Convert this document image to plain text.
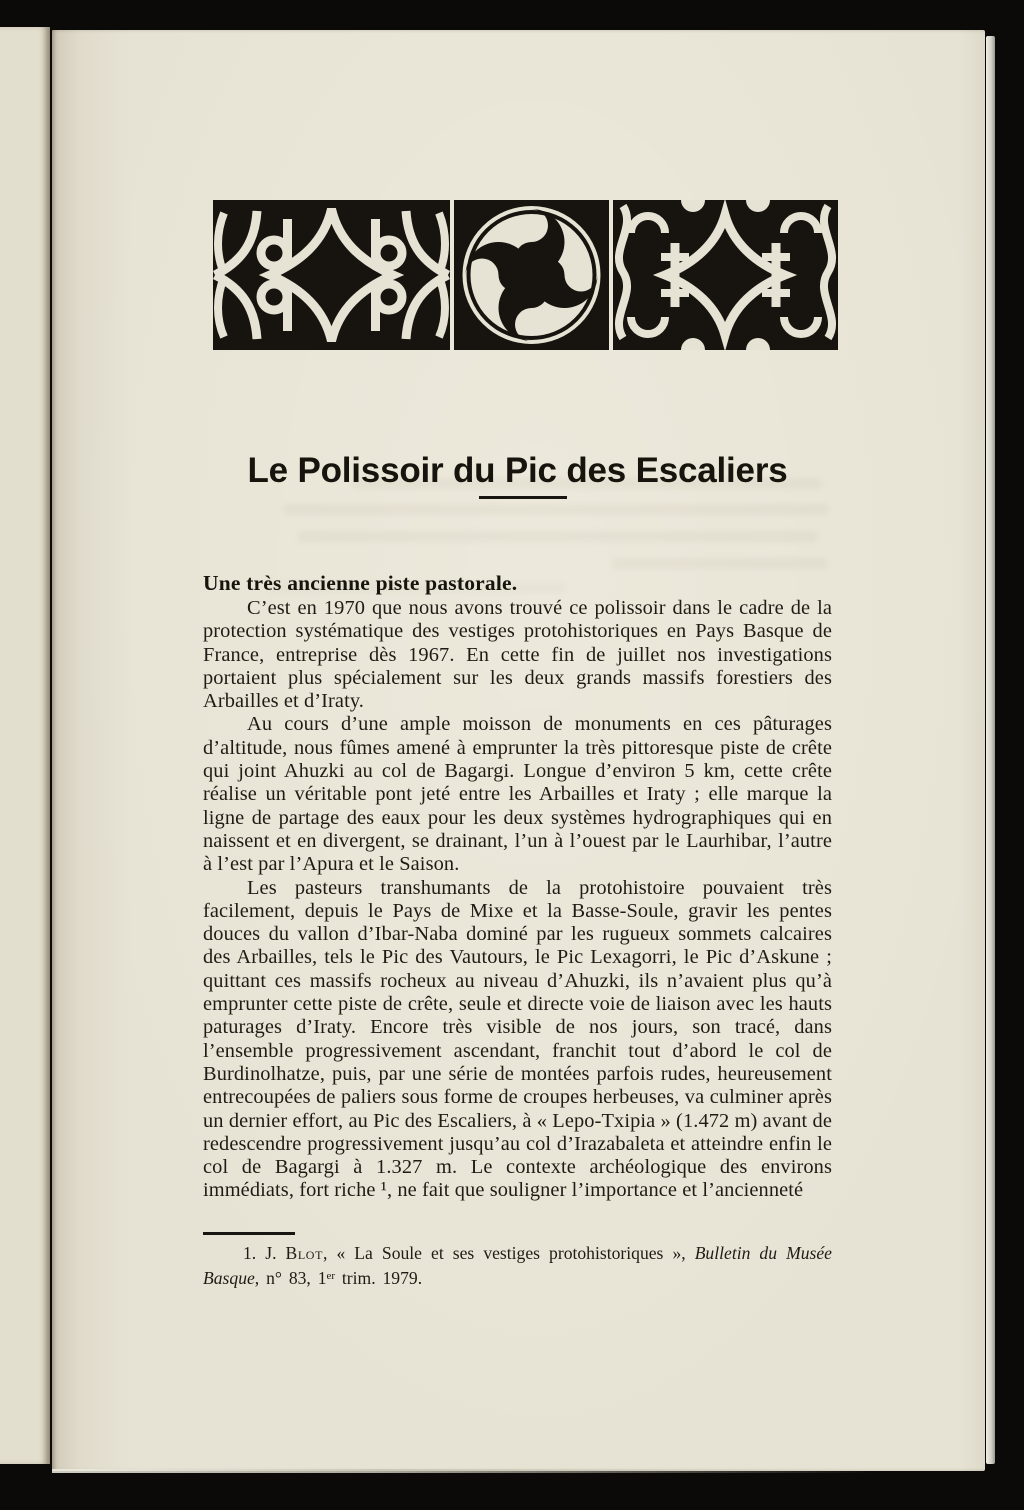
Le Polissoir du Pic des Escaliers
Une très ancienne piste pastorale.

C’est en 1970 que nous avons trouvé ce polissoir dans le cadre de la protection systématique des vestiges protohistoriques en Pays Basque de France, entreprise dès 1967. En cette fin de juillet nos investigations portaient plus spécialement sur les deux grands massifs forestiers des Arbailles et d’Iraty.

Au cours d’une ample moisson de monuments en ces pâturages d’altitude, nous fûmes amené à emprunter la très pittoresque piste de crête qui joint Ahuzki au col de Bagargi. Longue d’environ 5 km, cette crête réalise un véritable pont jeté entre les Arbailles et Iraty ; elle marque la ligne de partage des eaux pour les deux systèmes hydrographiques qui en naissent et en divergent, se drainant, l’un à l’ouest par le Laurhibar, l’autre à l’est par l’Apura et le Saison.

Les pasteurs transhumants de la protohistoire pouvaient très facilement, depuis le Pays de Mixe et la Basse-Soule, gravir les pentes douces du vallon d’Ibar-Naba dominé par les rugueux sommets calcaires des Arbailles, tels le Pic des Vautours, le Pic Lexagorri, le Pic d’Askune ; quittant ces massifs rocheux au niveau d’Ahuzki, ils n’avaient plus qu’à emprunter cette piste de crête, seule et directe voie de liaison avec les hauts paturages d’Iraty. Encore très visible de nos jours, son tracé, dans l’ensemble progressivement ascendant, franchit tout d’abord le col de Burdinolhatze, puis, par une série de montées parfois rudes, heureusement entrecoupées de paliers sous forme de croupes herbeuses, va culminer après un dernier effort, au Pic des Escaliers, à « Lepo-Txipia » (1.472 m) avant de redescendre progressivement jusqu’au col d’Irazabaleta et atteindre enfin le col de Bagargi à 1.327 m. Le contexte archéologique des environs immédiats, fort riche ¹, ne fait que souligner l’importance et l’ancienneté

1. J. Blot, « La Soule et ses vestiges protohistoriques », Bulletin du Musée Basque, n° 83, 1er trim. 1979.
